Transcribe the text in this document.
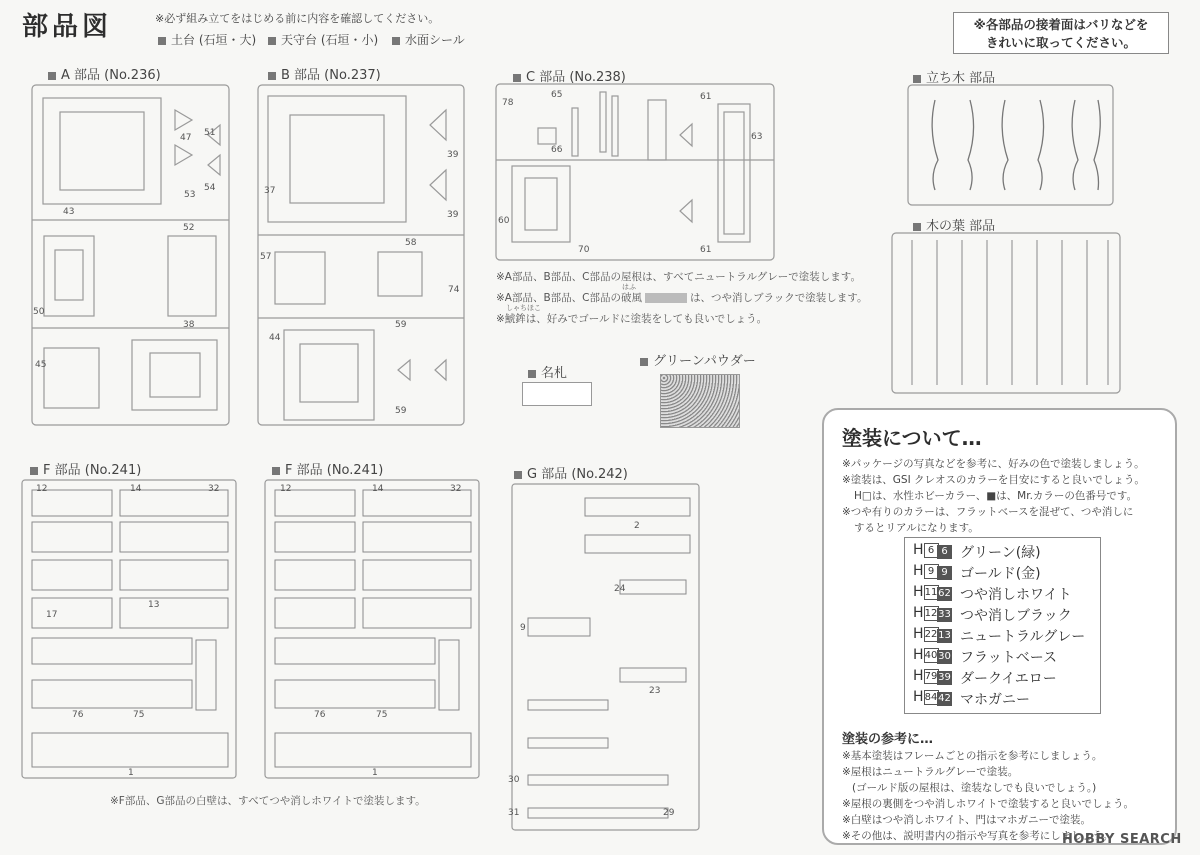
部品図	※必ず組み立てをはじめる前に内容を確認してください。
土台 (石垣・大)	天守台 (石垣・小)	水面シール
※各部品の接着面はバリなどを
きれいに取ってください。
A 部品 (No.236)	B 部品 (No.237)	C 部品 (No.238)	立ち木 部品
木の葉 部品
F 部品 (No.241)	F 部品 (No.241)	G 部品 (No.242)
43
47 51
54
53
52
50
45
38
37
39
39
57
58
74
44
59
59
78
65
66
60
70
63
61
61
12	14	32
17
13
76	75
1
12	14	32
76	75
1
2
24
9
23
30
31	29
※A部品、B部品、C部品の屋根は、すべてニュートラルグレーで塗装します。
※A部品、B部品、C部品の破風	は、つや消しブラックで塗装します。
はふ
※鯱鉾は、好みでゴールドに塗装をしても良いでしょう。
しゃちほこ
名札
グリーンパウダー
※F部品、G部品の白壁は、すべてつや消しホワイトで塗装します。
塗装について…
※パッケージの写真などを参考に、好みの色で塗装しましょう。
※塗装は、GSI クレオスのカラーを目安にすると良いでしょう。
H□は、水性ホビーカラー、■は、Mr.カラーの色番号です。
※つや有りのカラーは、フラットベースを混ぜて、つや消しに
するとリアルになります。
H 6 6 グリーン(緑)
H 9 9 ゴールド(金)
H11 62 つや消しホワイト
H12 33 つや消しブラック
H22 13 ニュートラルグレー
H40 30 フラットベース
H79 39 ダークイエロー
H84 42 マホガニー
塗装の参考に…
※基本塗装はフレームごとの指示を参考にしましょう。
※屋根はニュートラルグレーで塗装。
(ゴールド版の屋根は、塗装なしでも良いでしょう。)
※屋根の裏側をつや消しホワイトで塗装すると良いでしょう。
※白壁はつや消しホワイト、門はマホガニーで塗装。
※その他は、説明書内の指示や写真を参考にしましょう。
HOBBY SEARCH
